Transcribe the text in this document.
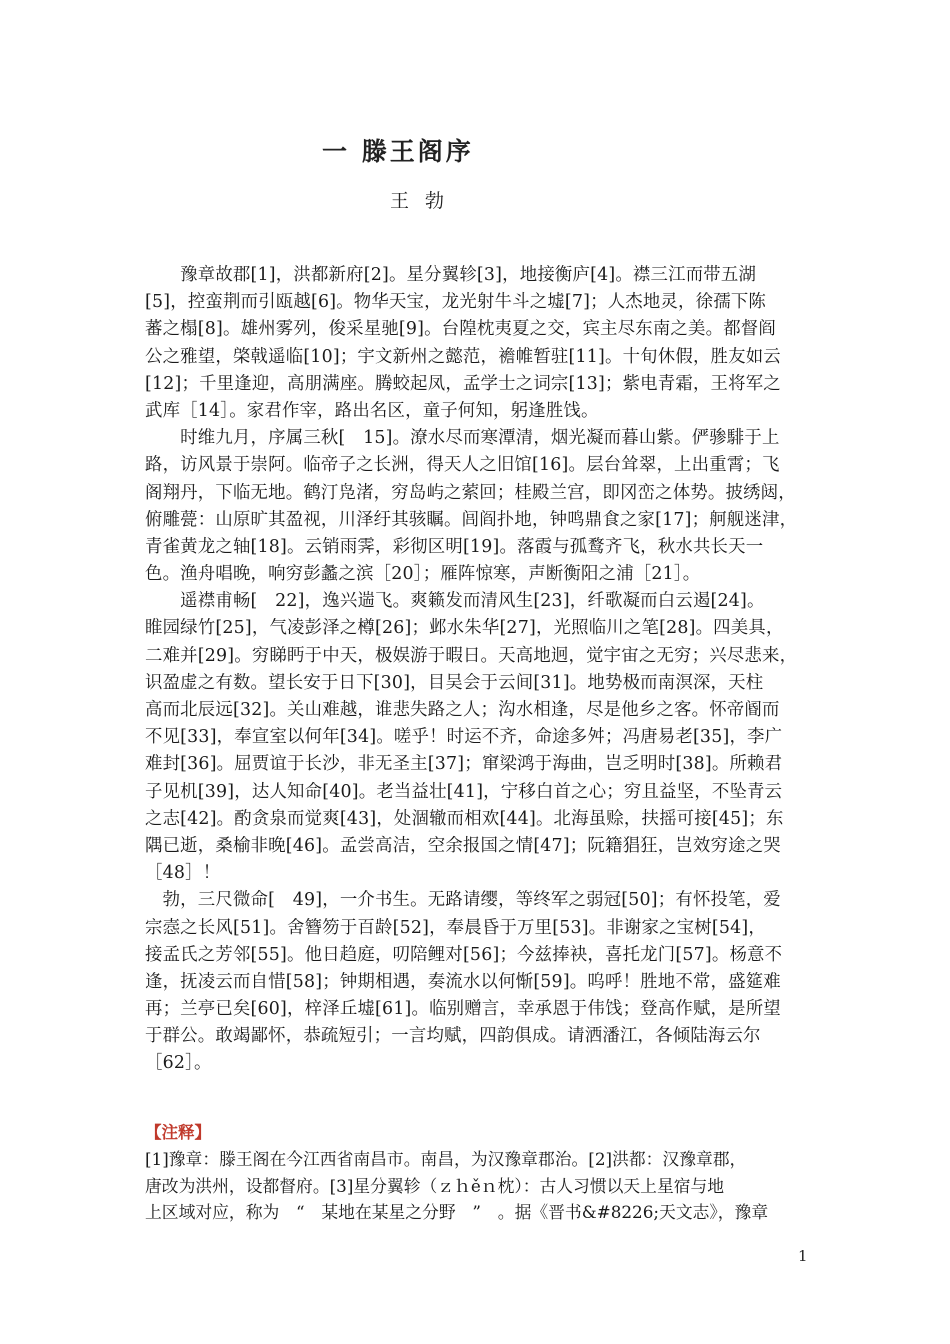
一 滕王阁序
王 勃
　　豫章故郡[1]，洪都新府[2]。星分翼轸[3]，地接衡庐[4]。襟三江而带五湖
[5]，控蛮荆而引瓯越[6]。物华天宝，龙光射牛斗之墟[7]；人杰地灵，徐孺下陈
蕃之榻[8]。雄州雾列，俊采星驰[9]。台隍枕夷夏之交，宾主尽东南之美。都督阎
公之雅望，棨戟遥临[10]；宇文新州之懿范，襜帷暂驻[11]。十旬休假，胜友如云
[12]；千里逢迎，高朋满座。腾蛟起凤，孟学士之词宗[13]；紫电青霜，王将军之
武库［14］。家君作宰，路出名区，童子何知，躬逢胜饯。
　　时维九月，序属三秋[　15]。潦水尽而寒潭清，烟光凝而暮山紫。俨骖騑于上
路，访风景于崇阿。临帝子之长洲，得天人之旧馆[16]。层台耸翠，上出重霄；飞
阁翔丹，下临无地。鹤汀凫渚，穷岛屿之萦回；桂殿兰宫，即冈峦之体势。披绣闼，
俯雕甍：山原旷其盈视，川泽纡其骇瞩。闾阎扑地，钟鸣鼎食之家[17]；舸舰迷津，
青雀黄龙之轴[18]。云销雨霁，彩彻区明[19]。落霞与孤鹜齐飞，秋水共长天一
色。渔舟唱晚，响穷彭蠡之滨［20］；雁阵惊寒，声断衡阳之浦［21］。
　　遥襟甫畅[　22]，逸兴遄飞。爽籁发而清风生[23]，纤歌凝而白云遏[24]。
睢园绿竹[25]，气凌彭泽之樽[26]；邺水朱华[27]，光照临川之笔[28]。四美具，
二难并[29]。穷睇眄于中天，极娱游于暇日。天高地迥，觉宇宙之无穷；兴尽悲来，
识盈虚之有数。望长安于日下[30]，目吴会于云间[31]。地势极而南溟深，天柱
高而北辰远[32]。关山难越，谁悲失路之人；沟水相逢，尽是他乡之客。怀帝阍而
不见[33]，奉宣室以何年[34]。嗟乎！时运不齐，命途多舛；冯唐易老[35]，李广
难封[36]。屈贾谊于长沙，非无圣主[37]；窜梁鸿于海曲，岂乏明时[38]。所赖君
子见机[39]，达人知命[40]。老当益壮[41]，宁移白首之心；穷且益坚，不坠青云
之志[42]。酌贪泉而觉爽[43]，处涸辙而相欢[44]。北海虽赊，扶摇可接[45]；东
隅已逝，桑榆非晚[46]。孟尝高洁，空余报国之情[47]；阮籍猖狂，岂效穷途之哭
［48］！
　勃，三尺微命[　49]，一介书生。无路请缨，等终军之弱冠[50]；有怀投笔，爱
宗悫之长风[51]。舍簪笏于百龄[52]，奉晨昏于万里[53]。非谢家之宝树[54]，
接孟氏之芳邻[55]。他日趋庭，叨陪鲤对[56]；今兹捧袂，喜托龙门[57]。杨意不
逢，抚凌云而自惜[58]；钟期相遇，奏流水以何惭[59]。呜呼！胜地不常，盛筵难
再；兰亭已矣[60]，梓泽丘墟[61]。临别赠言，幸承恩于伟饯；登高作赋，是所望
于群公。敢竭鄙怀，恭疏短引；一言均赋，四韵俱成。请洒潘江，各倾陆海云尔
［62］。
【注释】
[1]豫章：滕王阁在今江西省南昌市。南昌，为汉豫章郡治。[2]洪都：汉豫章郡，
唐改为洪州，设都督府。[3]星分翼轸（ｚｈěｎ枕）：古人习惯以天上星宿与地
上区域对应，称为　“　某地在某星之分野　”　。据《晋书&#8226;天文志》，豫章
1
